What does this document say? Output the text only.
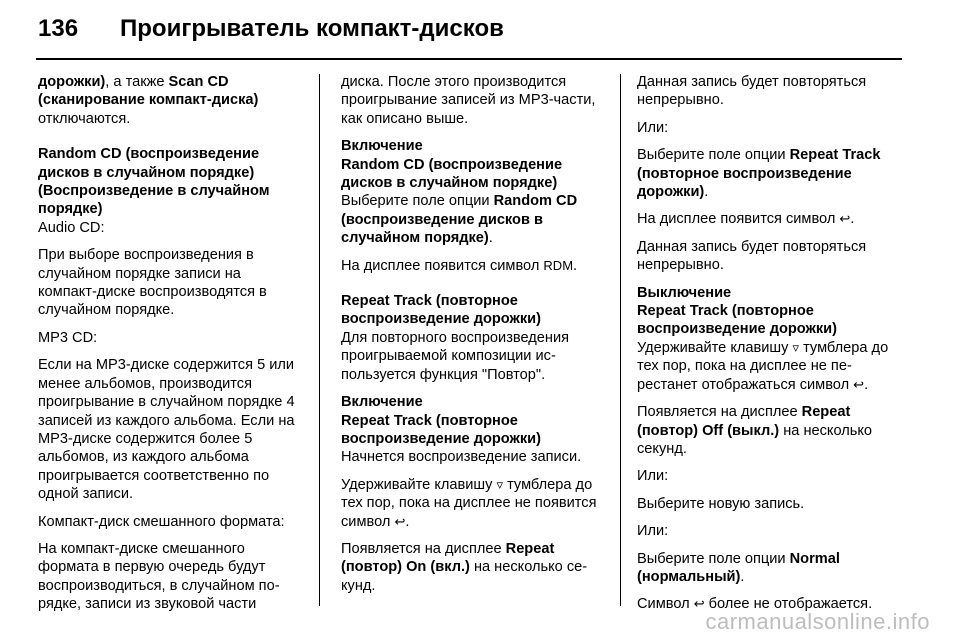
136 Проигрыватель компакт-дисков

дорожки), а также Scan CD (сканирование компакт-диска) отключаются.

Random CD (воспроизведение дисков в случайном порядке)
(Воспроизведение в случайном порядке)

Audio CD:

При выборе воспроизведения в случайном порядке записи на компакт-диске воспроизводятся в случайном порядке.

MP3 CD:

Если на MP3-диске содержится 5 или менее альбомов, производится проигрывание в случайном порядке 4 записей из каждого альбома. Если на MP3-диске содержится более 5 альбомов, из каждого альбома проигрывается соответственно по одной записи.

Компакт-диск смешанного формата:

На компакт-диске смешанного формата в первую очередь будут воспроизводиться, в случайном порядке, записи из звуковой части

диска. После этого производится проигрывание записей из MP3-части, как описано выше.

Включение
Random CD (воспроизведение дисков в случайном порядке)

Выберите поле опции Random CD (воспроизведение дисков в случайном порядке).

На дисплее появится символ RDM.

Repeat Track (повторное воспроизведение дорожки)

Для повторного воспроизведения проигрываемой композиции используется функция "Повтор".

Включение
Repeat Track (повторное воспроизведение дорожки)

Начнется воспроизведение записи.

Удерживайте клавишу ▿ тумблера до тех пор, пока на дисплее не появится символ ↩.

Появляется на дисплее Repeat (повтор) On (вкл.) на несколько секунд.

Данная запись будет повторяться непрерывно.

Или:

Выберите поле опции Repeat Track (повторное воспроизведение дорожки).

На дисплее появится символ ↩.

Данная запись будет повторяться непрерывно.

Выключение
Repeat Track (повторное воспроизведение дорожки)

Удерживайте клавишу ▿ тумблера до тех пор, пока на дисплее не перестанет отображаться символ ↩.

Появляется на дисплее Repeat (повтор) Off (выкл.) на несколько секунд.

Или:

Выберите новую запись.

Или:

Выберите поле опции Normal (нормальный).

Символ ↩ более не отображается.

carmanualsonline.info
